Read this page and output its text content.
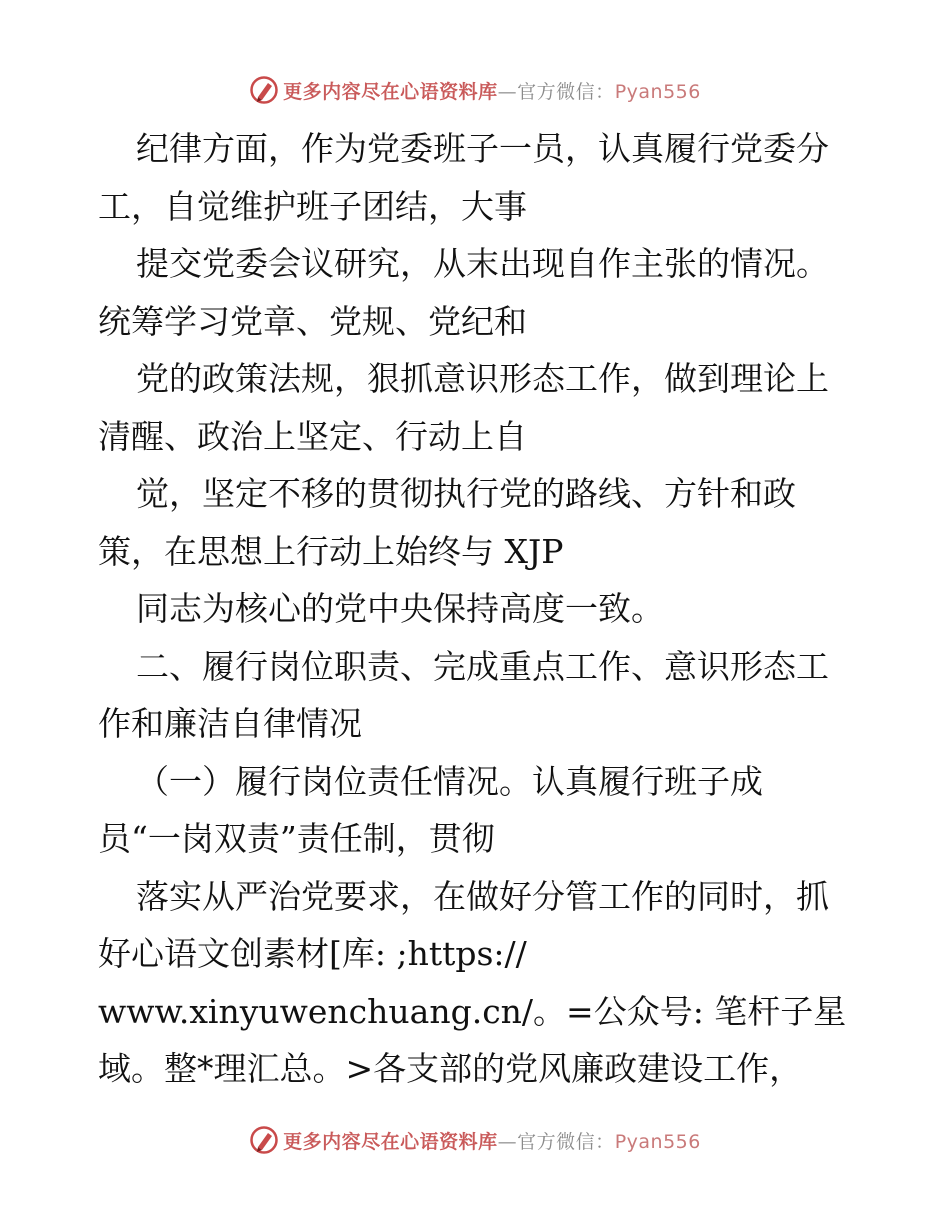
更多内容尽在心语资料库—官方微信：Pyan556
纪律方面，作为党委班子一员，认真履行党委分
工，自觉维护班子团结，大事
提交党委会议研究，从末出现自作主张的情况。
统筹学习党章、党规、党纪和
党的政策法规，狠抓意识形态工作，做到理论上
清醒、政治上坚定、行动上自
觉，坚定不移的贯彻执行党的路线、方针和政
策，在思想上行动上始终与 XJP
同志为核心的党中央保持高度一致。
二、履行岗位职责、完成重点工作、意识形态工
作和廉洁自律情况
（一）履行岗位责任情况。认真履行班子成
员“一岗双责”责任制，贯彻
落实从严治党要求，在做好分管工作的同时，抓
好心语文创素材[库: ;https://
www.xinyuwenchuang.cn/。=公众号: 笔杆子星
域。整*理汇总。>各支部的党风廉政建设工作，
更多内容尽在心语资料库—官方微信：Pyan556
